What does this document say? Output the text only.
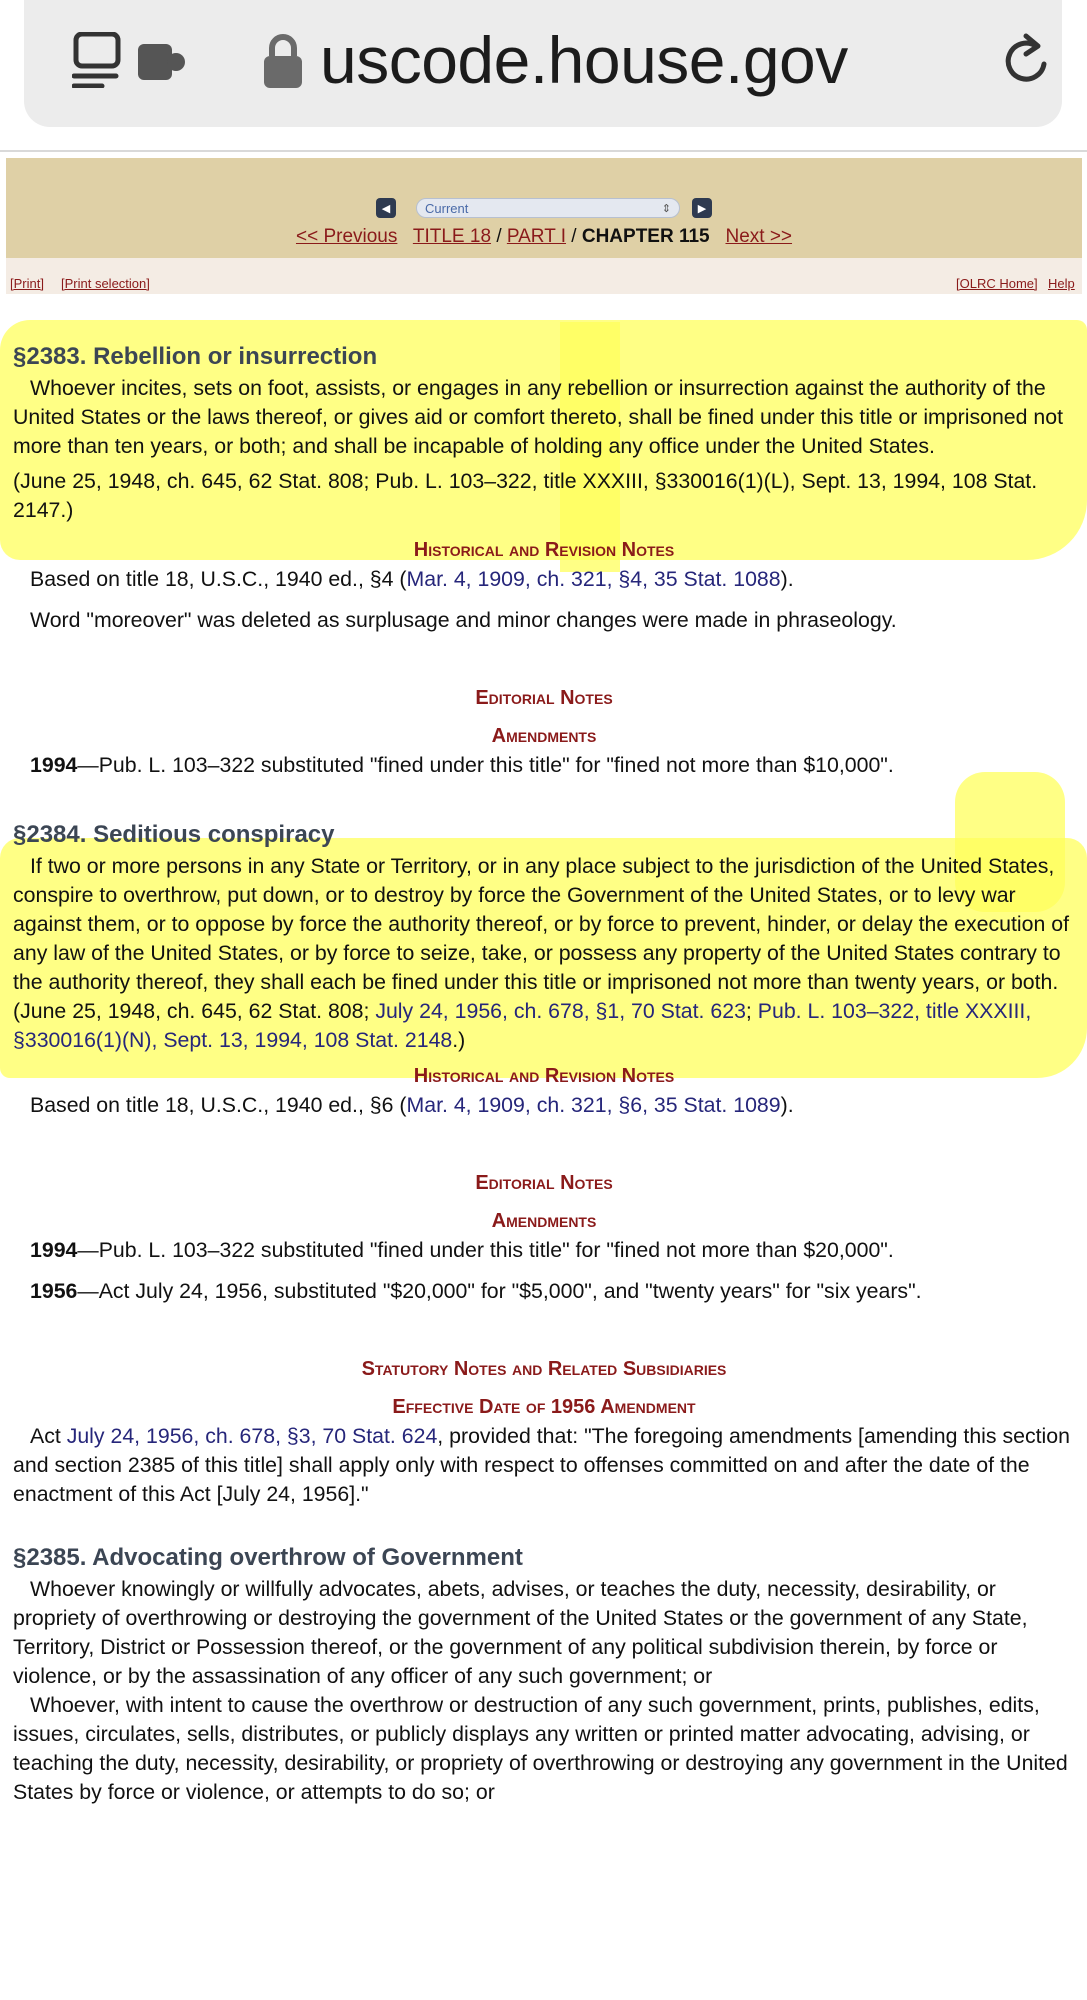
uscode.house.gov
◀	Current	⇕	▶
<< Previous TITLE 18 / PART I / CHAPTER 115 Next >>
[Print] [Print selection]	[OLRC Home] Help
§2383. Rebellion or insurrection

Whoever incites, sets on foot, assists, or engages in any rebellion or insurrection against the authority of the United States or the laws thereof, or gives aid or comfort thereto, shall be fined under this title or imprisoned not more than ten years, or both; and shall be incapable of holding any office under the United States.

(June 25, 1948, ch. 645, 62 Stat. 808; Pub. L. 103–322, title XXXIII, §330016(1)(L), Sept. 13, 1994, 108 Stat. 2147.)

Historical and Revision Notes

Based on title 18, U.S.C., 1940 ed., §4 (Mar. 4, 1909, ch. 321, §4, 35 Stat. 1088).

Word "moreover" was deleted as surplusage and minor changes were made in phraseology.

Editorial Notes

Amendments

1994—Pub. L. 103–322 substituted "fined under this title" for "fined not more than $10,000".

§2384. Seditious conspiracy

If two or more persons in any State or Territory, or in any place subject to the jurisdiction of the United States, conspire to overthrow, put down, or to destroy by force the Government of the United States, or to levy war against them, or to oppose by force the authority thereof, or by force to prevent, hinder, or delay the execution of any law of the United States, or by force to seize, take, or possess any property of the United States contrary to the authority thereof, they shall each be fined under this title or imprisoned not more than twenty years, or both.

(June 25, 1948, ch. 645, 62 Stat. 808; July 24, 1956, ch. 678, §1, 70 Stat. 623; Pub. L. 103–322, title XXXIII, §330016(1)(N), Sept. 13, 1994, 108 Stat. 2148.)

Historical and Revision Notes

Based on title 18, U.S.C., 1940 ed., §6 (Mar. 4, 1909, ch. 321, §6, 35 Stat. 1089).

Editorial Notes

Amendments

1994—Pub. L. 103–322 substituted "fined under this title" for "fined not more than $20,000".

1956—Act July 24, 1956, substituted "$20,000" for "$5,000", and "twenty years" for "six years".

Statutory Notes and Related Subsidiaries

Effective Date of 1956 Amendment

Act July 24, 1956, ch. 678, §3, 70 Stat. 624, provided that: "The foregoing amendments [amending this section and section 2385 of this title] shall apply only with respect to offenses committed on and after the date of the enactment of this Act [July 24, 1956]."

§2385. Advocating overthrow of Government

Whoever knowingly or willfully advocates, abets, advises, or teaches the duty, necessity, desirability, or propriety of overthrowing or destroying the government of the United States or the government of any State, Territory, District or Possession thereof, or the government of any political subdivision therein, by force or violence, or by the assassination of any officer of any such government; or

Whoever, with intent to cause the overthrow or destruction of any such government, prints, publishes, edits, issues, circulates, sells, distributes, or publicly displays any written or printed matter advocating, advising, or teaching the duty, necessity, desirability, or propriety of overthrowing or destroying any government in the United States by force or violence, or attempts to do so; or
